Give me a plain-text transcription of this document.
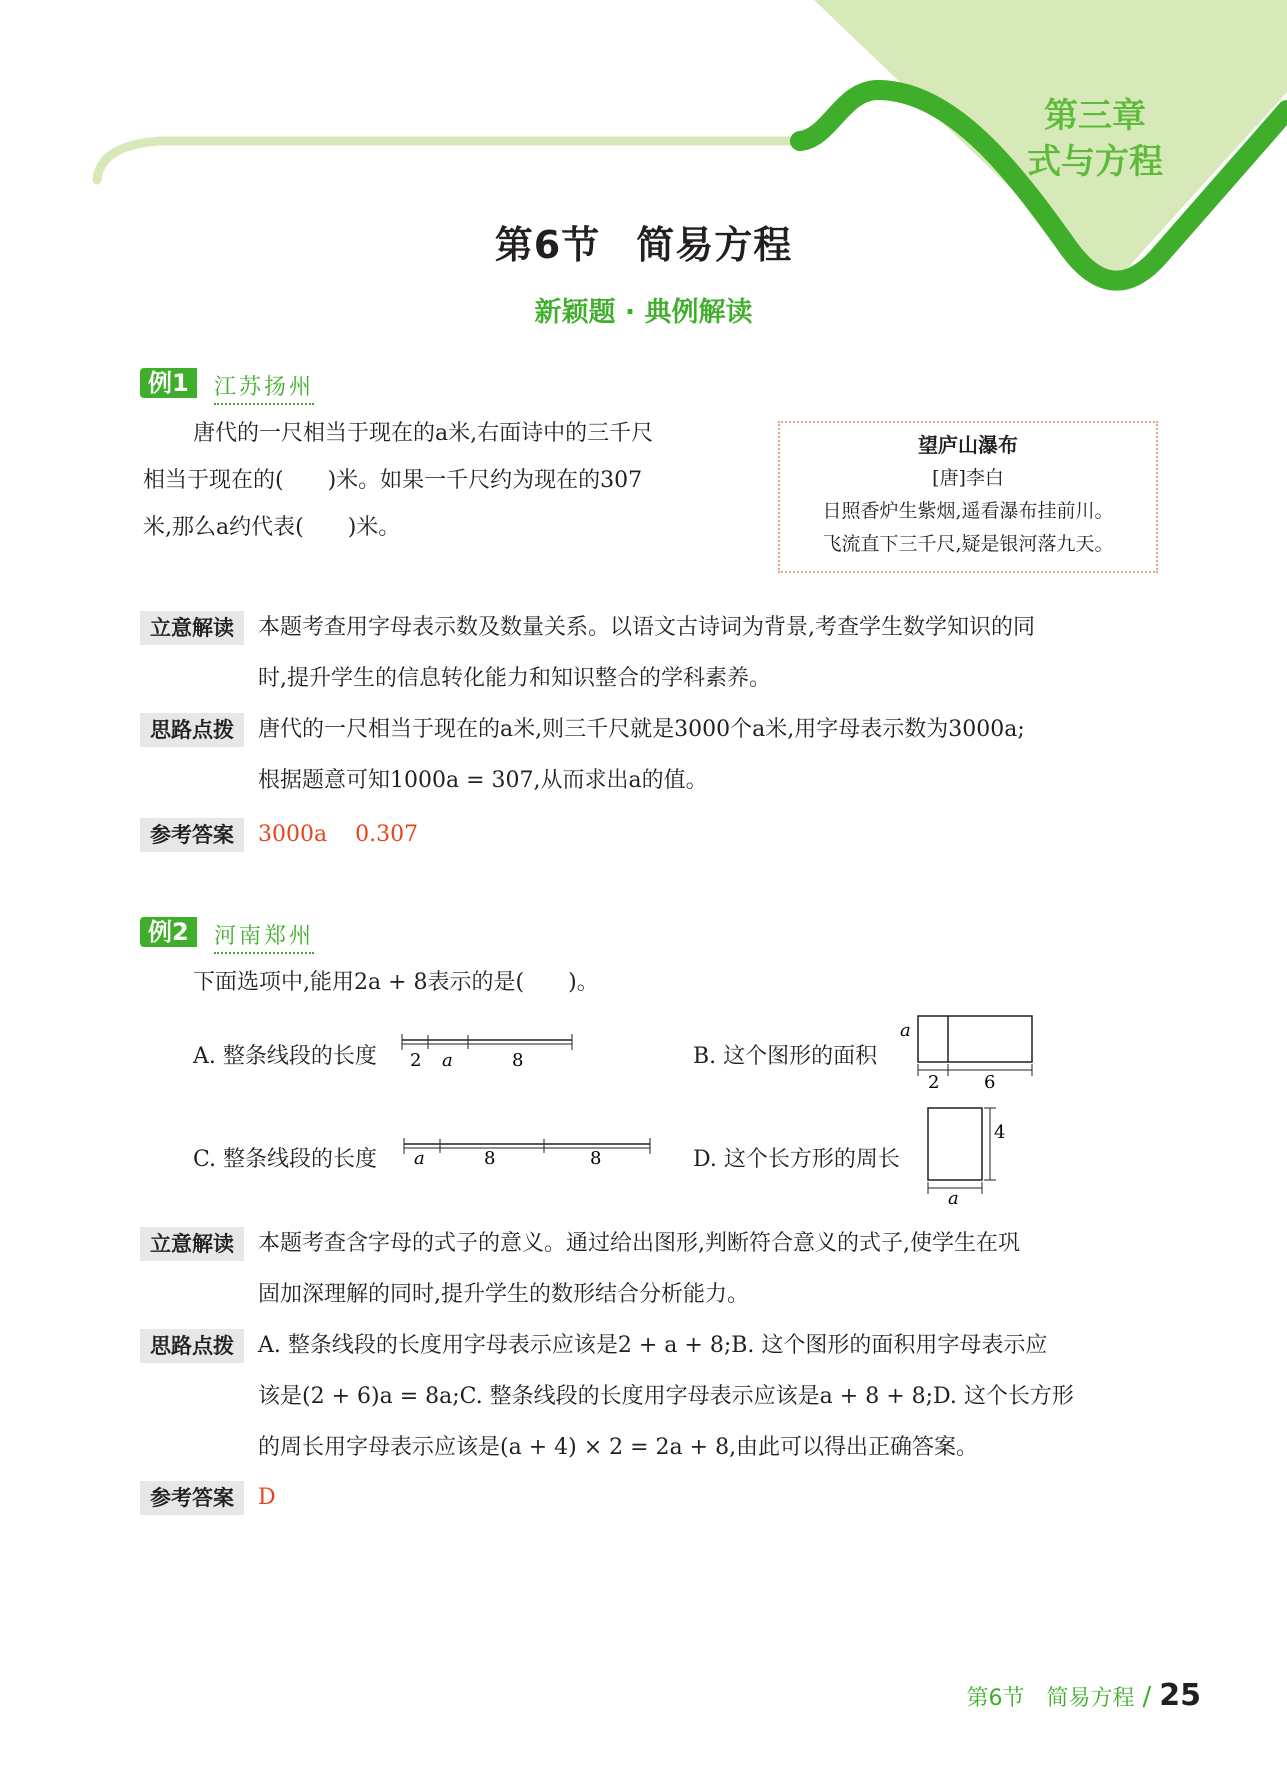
第三章
式与方程
第6节 简易方程
新颖题 · 典例解读
例1	江苏扬州
唐代的一尺相当于现在的a米,右面诗中的三千尺
相当于现在的(　　)米。如果一千尺约为现在的307
米,那么a约代表(　　)米。
望庐山瀑布
[唐]李白
日照香炉生紫烟,遥看瀑布挂前川。
飞流直下三千尺,疑是银河落九天。
立意解读	本题考查用字母表示数及数量关系。以语文古诗词为背景,考查学生数学知识的同
时,提升学生的信息转化能力和知识整合的学科素养。
思路点拨	唐代的一尺相当于现在的a米,则三千尺就是3000个a米,用字母表示数为3000a;
根据题意可知1000a = 307,从而求出a的值。
参考答案	3000a 0.307
例2	河南郑州
下面选项中,能用2a + 8表示的是(　　)。
A. 整条线段的长度 2 a	8	B. 这个图形的面积
a
2 6
C. 整条线段的长度 a	8	8	D. 这个长方形的周长
4
a
立意解读	本题考查含字母的式子的意义。通过给出图形,判断符合意义的式子,使学生在巩
固加深理解的同时,提升学生的数形结合分析能力。
思路点拨	A. 整条线段的长度用字母表示应该是2 + a + 8;B. 这个图形的面积用字母表示应
该是(2 + 6)a = 8a;C. 整条线段的长度用字母表示应该是a + 8 + 8;D. 这个长方形
的周长用字母表示应该是(a + 4) × 2 = 2a + 8,由此可以得出正确答案。
参考答案	D
第6节　简易方程 / 25
